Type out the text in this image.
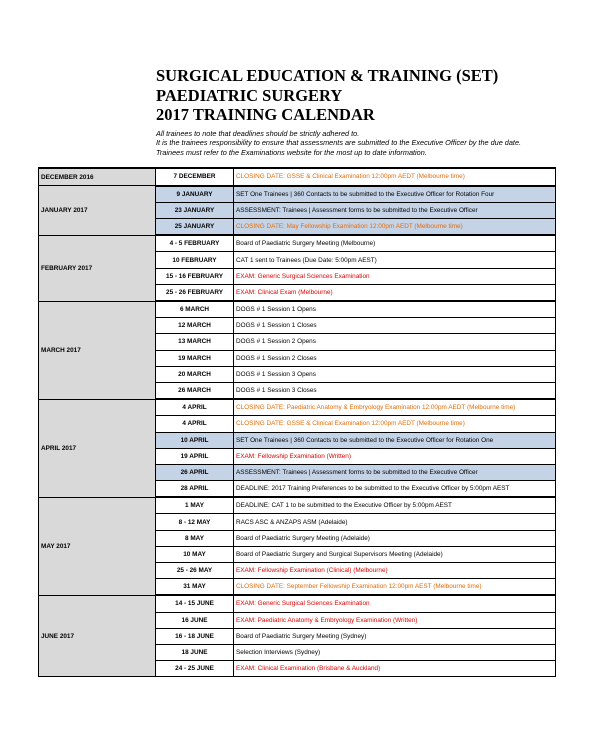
SURGICAL EDUCATION & TRAINING (SET)
PAEDIATRIC SURGERY
2017 TRAINING CALENDAR
All trainees to note that deadlines should be strictly adhered to.
It is the trainees responsibility to ensure that assessments are submitted to the Executive Officer by the due date.
Trainees must refer to the Examinations website for the most up to date information.
DECEMBER 2016	7 DECEMBER	CLOSING DATE: GSSE & Clinical Examination 12:00pm AEDT (Melbourne time)
JANUARY 2017	9 JANUARY	SET One Trainees | 360 Contacts to be submitted to the Executive Officer for Rotation Four
	23 JANUARY	ASSESSMENT: Trainees | Assessment forms to be submitted to the Executive Officer
	25 JANUARY	CLOSING DATE: May Fellowship Examination 12:00pm AEDT (Melbourne time)
FEBRUARY 2017	4 - 5 FEBRUARY	Board of Paediatric Surgery Meeting (Melbourne)
	10 FEBRUARY	CAT 1 sent to Trainees (Due Date: 5:00pm AEST)
	15 - 16 FEBRUARY	EXAM: Generic Surgical Sciences Examination
	25 - 26 FEBRUARY	EXAM: Clinical Exam (Melbourne)
MARCH 2017	6 MARCH	DOGS # 1 Session 1 Opens
	12 MARCH	DOGS # 1 Session 1 Closes
	13 MARCH	DOGS # 1 Session 2 Opens
	19 MARCH	DOGS # 1 Session 2 Closes
	20 MARCH	DOGS # 1 Session 3 Opens
	26 MARCH	DOGS # 1 Session 3 Closes
APRIL 2017	4 APRIL	CLOSING DATE: Paediatric Anatomy & Embryology Examination 12:00pm AEDT (Melbourne time)
	4 APRIL	CLOSING DATE: GSSE & Clinical Examination 12:00pm AEDT (Melbourne time)
	10 APRIL	SET One Trainees | 360 Contacts to be submitted to the Executive Officer for Rotation One
	19 APRIL	EXAM: Fellowship Examination (Written)
	26 APRIL	ASSESSMENT: Trainees | Assessment forms to be submitted to the Executive Officer
	28 APRIL	DEADLINE: 2017 Training Preferences to be submitted to the Executive Officer by 5:00pm AEST
MAY 2017	1 MAY	DEADLINE: CAT 1 to be submitted to the Executive Officer by 5:00pm AEST
	8 - 12 MAY	RACS ASC & ANZAPS ASM (Adelaide)
	8 MAY	Board of Paediatric Surgery Meeting (Adelaide)
	10 MAY	Board of Paediatric Surgery and Surgical Supervisors Meeting (Adelaide)
	25 - 26 MAY	EXAM: Fellowship Examination (Clinical) (Melbourne)
	31 MAY	CLOSING DATE: September Fellowship Examination 12:00pm AEST (Melbourne time)
JUNE 2017	14 - 15 JUNE	EXAM: Generic Surgical Sciences Examination
	16 JUNE	EXAM: Paediatric Anatomy & Embryology Examination (Written)
	16 - 18 JUNE	Board of Paediatric Surgery Meeting (Sydney)
	18 JUNE	Selection Interviews (Sydney)
	24 - 25 JUNE	EXAM: Clinical Examination (Brisbane & Auckland)
